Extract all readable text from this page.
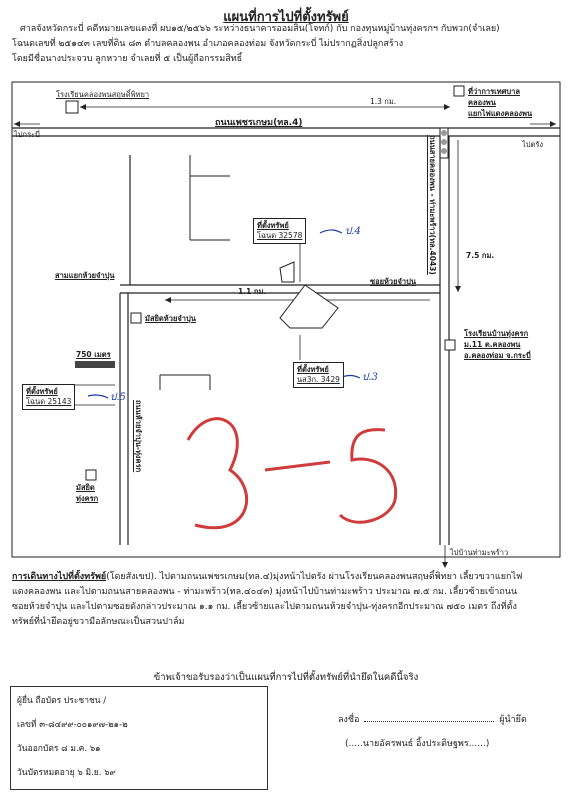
แผนที่การไปที่ตั้งทรัพย์
ศาลจังหวัดกระบี่ คดีหมายเลขแดงที่ ผบ๑๕/๒๕๖๖ ระหว่างธนาคารออมสิน(โจทก์) กับ กองทุนหมู่บ้านทุ่งครกฯ กับพวก(จำเลย)
โฉนดเลขที่ ๒๕๑๔๓ เลขที่ดิน ๘๓ ตำบลคลองพน อำเภอคลองท่อม จังหวัดกระบี่ ไม่ปรากฏสิ่งปลูกสร้าง
โดยมีชื่อนางประจวบ ลูกหวาย จำเลยที่ ๕ เป็นผู้ถือกรรมสิทธิ์
โรงเรียนคลองพนสฤษดิ์พิทยา
1.3 กม.
ที่ว่าการเทศบาล
คลองพน
แยกไฟแดงคลองพน
ถนนเพชรเกษม(ทล.4)
ไปกระบี่
ไปตรัง
ถนนสายคลองพน - ท่ามะพร้าว(ทล.4043)
ที่ตั้งทรัพย์
โฉนด 32578	ป.4
7.5 กม.
สามแยกห้วยจำปุน
ซอยห้วยจำปุน
1.1 กม.
มัสยิดห้วยจำปุน
750 เมตร
โรงเรียนบ้านทุ่งครก
ม.11 ต.คลองพน
อ.คลองท่อม จ.กระบี่
ที่ตั้งทรัพย์
นส3ก. 3429 ป.3
ที่ตั้งทรัพย์
โฉนด 25143	ป.5
ถนนห้วยจำปุน-ทุ่งครก
มัสยิด
ทุ่งครก
ไปบ้านท่ามะพร้าว
การเดินทางไปที่ตั้งทรัพย์(โดยสังเขป). ไปตามถนนเพชรเกษม(ทล.๔)มุ่งหน้าไปตรัง ผ่านโรงเรียนคลองพนสฤษดิ์พิทยา เลี้ยวขวาแยกไฟ
แดงคลองพน และไปตามถนนสายคลองพน - ท่ามะพร้าว(ทล.๔๐๔๓) มุ่งหน้าไปบ้านท่ามะพร้าว ประมาณ ๗.๕ กม. เลี้ยวซ้ายเข้าถนน
ซอยห้วยจำปุน และไปตามซอยดังกล่าวประมาณ ๑.๑ กม. เลี้ยวซ้ายและไปตามถนนห้วยจำปุน-ทุ่งครกอีกประมาณ ๗๕๐ เมตร ถึงที่ตั้ง
ทรัพย์ที่นำยึดอยู่ขวามือลักษณะเป็นสวนปาล์ม
ข้าพเจ้าขอรับรองว่าเป็นแผนที่การไปที่ตั้งทรัพย์ที่นำยึดในคดีนี้จริง
ผู้ยื่น ถือบัตร ประชาชน /
เลขที่ ๓-๘๔๙๙-๐๐๑๙๗-๒๑-๒
วันออกบัตร ๘ ม.ค. ๖๑
วันบัตรหมดอายุ ๖ มิ.ย. ๖๙
ลงชื่อ	ผู้นำยึด
(.....นายอัครพนธ์ อิ้งประดิษฐพร......)
